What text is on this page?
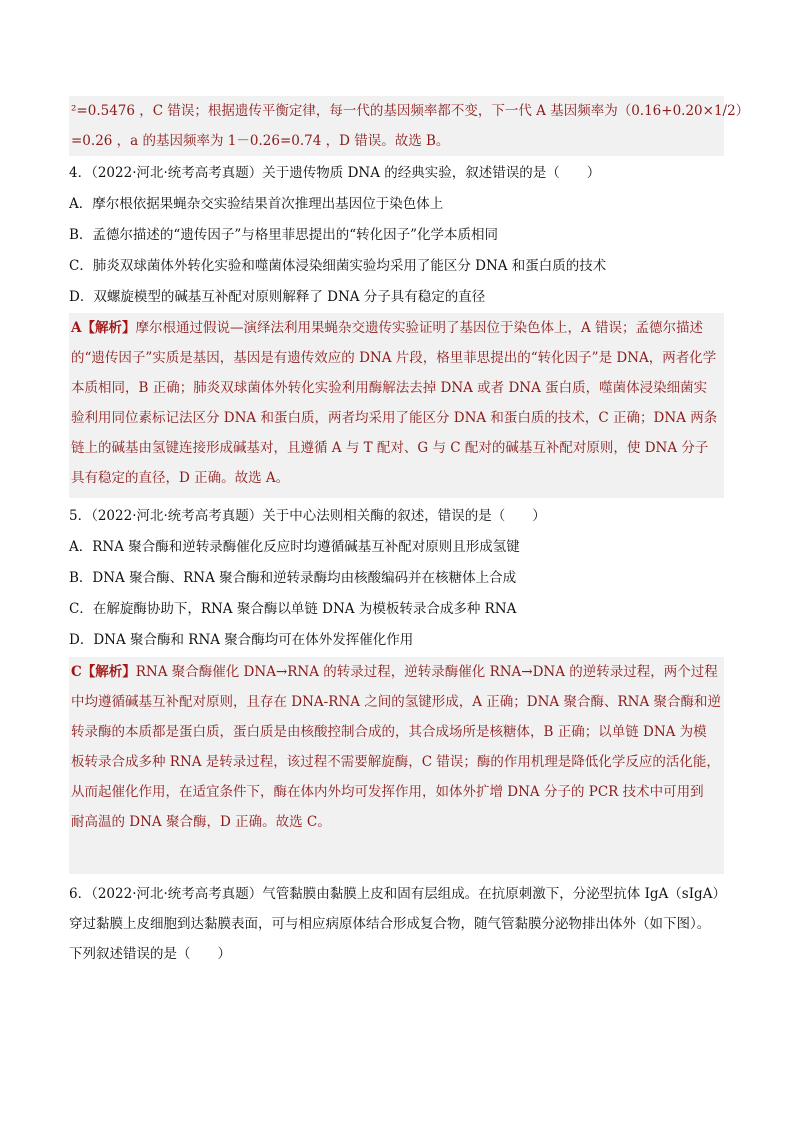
²=0.5476 ，C 错误；根据遗传平衡定律，每一代的基因频率都不变，下一代 A 基因频率为（0.16+0.20×1/2）
=0.26 ，a 的基因频率为 1－0.26=0.74 ，D 错误。故选 B。
4．（2022·河北·统考高考真题）关于遗传物质 DNA 的经典实验，叙述错误的是（　　）
A．摩尔根依据果蝇杂交实验结果首次推理出基因位于染色体上
B．孟德尔描述的“遗传因子”与格里菲思提出的“转化因子”化学本质相同
C．肺炎双球菌体外转化实验和噬菌体浸染细菌实验均采用了能区分 DNA 和蛋白质的技术
D．双螺旋模型的碱基互补配对原则解释了 DNA 分子具有稳定的直径
A【解析】摩尔根通过假说—演绎法利用果蝇杂交遗传实验证明了基因位于染色体上，A 错误；孟德尔描述
的“遗传因子”实质是基因，基因是有遗传效应的 DNA 片段，格里菲思提出的“转化因子”是 DNA，两者化学
本质相同，B 正确；肺炎双球菌体外转化实验利用酶解法去掉 DNA 或者 DNA 蛋白质，噬菌体浸染细菌实
验利用同位素标记法区分 DNA 和蛋白质，两者均采用了能区分 DNA 和蛋白质的技术，C 正确；DNA 两条
链上的碱基由氢键连接形成碱基对，且遵循 A 与 T 配对、G 与 C 配对的碱基互补配对原则，使 DNA 分子
具有稳定的直径，D 正确。故选 A。
5．（2022·河北·统考高考真题）关于中心法则相关酶的叙述，错误的是（　　）
A．RNA 聚合酶和逆转录酶催化反应时均遵循碱基互补配对原则且形成氢键
B．DNA 聚合酶、RNA 聚合酶和逆转录酶均由核酸编码并在核糖体上合成
C．在解旋酶协助下，RNA 聚合酶以单链 DNA 为模板转录合成多种 RNA
D．DNA 聚合酶和 RNA 聚合酶均可在体外发挥催化作用
C【解析】RNA 聚合酶催化 DNA→RNA 的转录过程，逆转录酶催化 RNA→DNA 的逆转录过程，两个过程
中均遵循碱基互补配对原则，且存在 DNA-RNA 之间的氢键形成，A 正确；DNA 聚合酶、RNA 聚合酶和逆
转录酶的本质都是蛋白质，蛋白质是由核酸控制合成的，其合成场所是核糖体，B 正确；以单链 DNA 为模
板转录合成多种 RNA 是转录过程，该过程不需要解旋酶，C 错误；酶的作用机理是降低化学反应的活化能，
从而起催化作用，在适宜条件下，酶在体内外均可发挥作用，如体外扩增 DNA 分子的 PCR 技术中可用到
耐高温的 DNA 聚合酶，D 正确。故选 C。
6．（2022·河北·统考高考真题）气管黏膜由黏膜上皮和固有层组成。在抗原刺激下，分泌型抗体 IgA（sIgA）
穿过黏膜上皮细胞到达黏膜表面，可与相应病原体结合形成复合物，随气管黏膜分泌物排出体外（如下图）。
下列叙述错误的是（　　）
